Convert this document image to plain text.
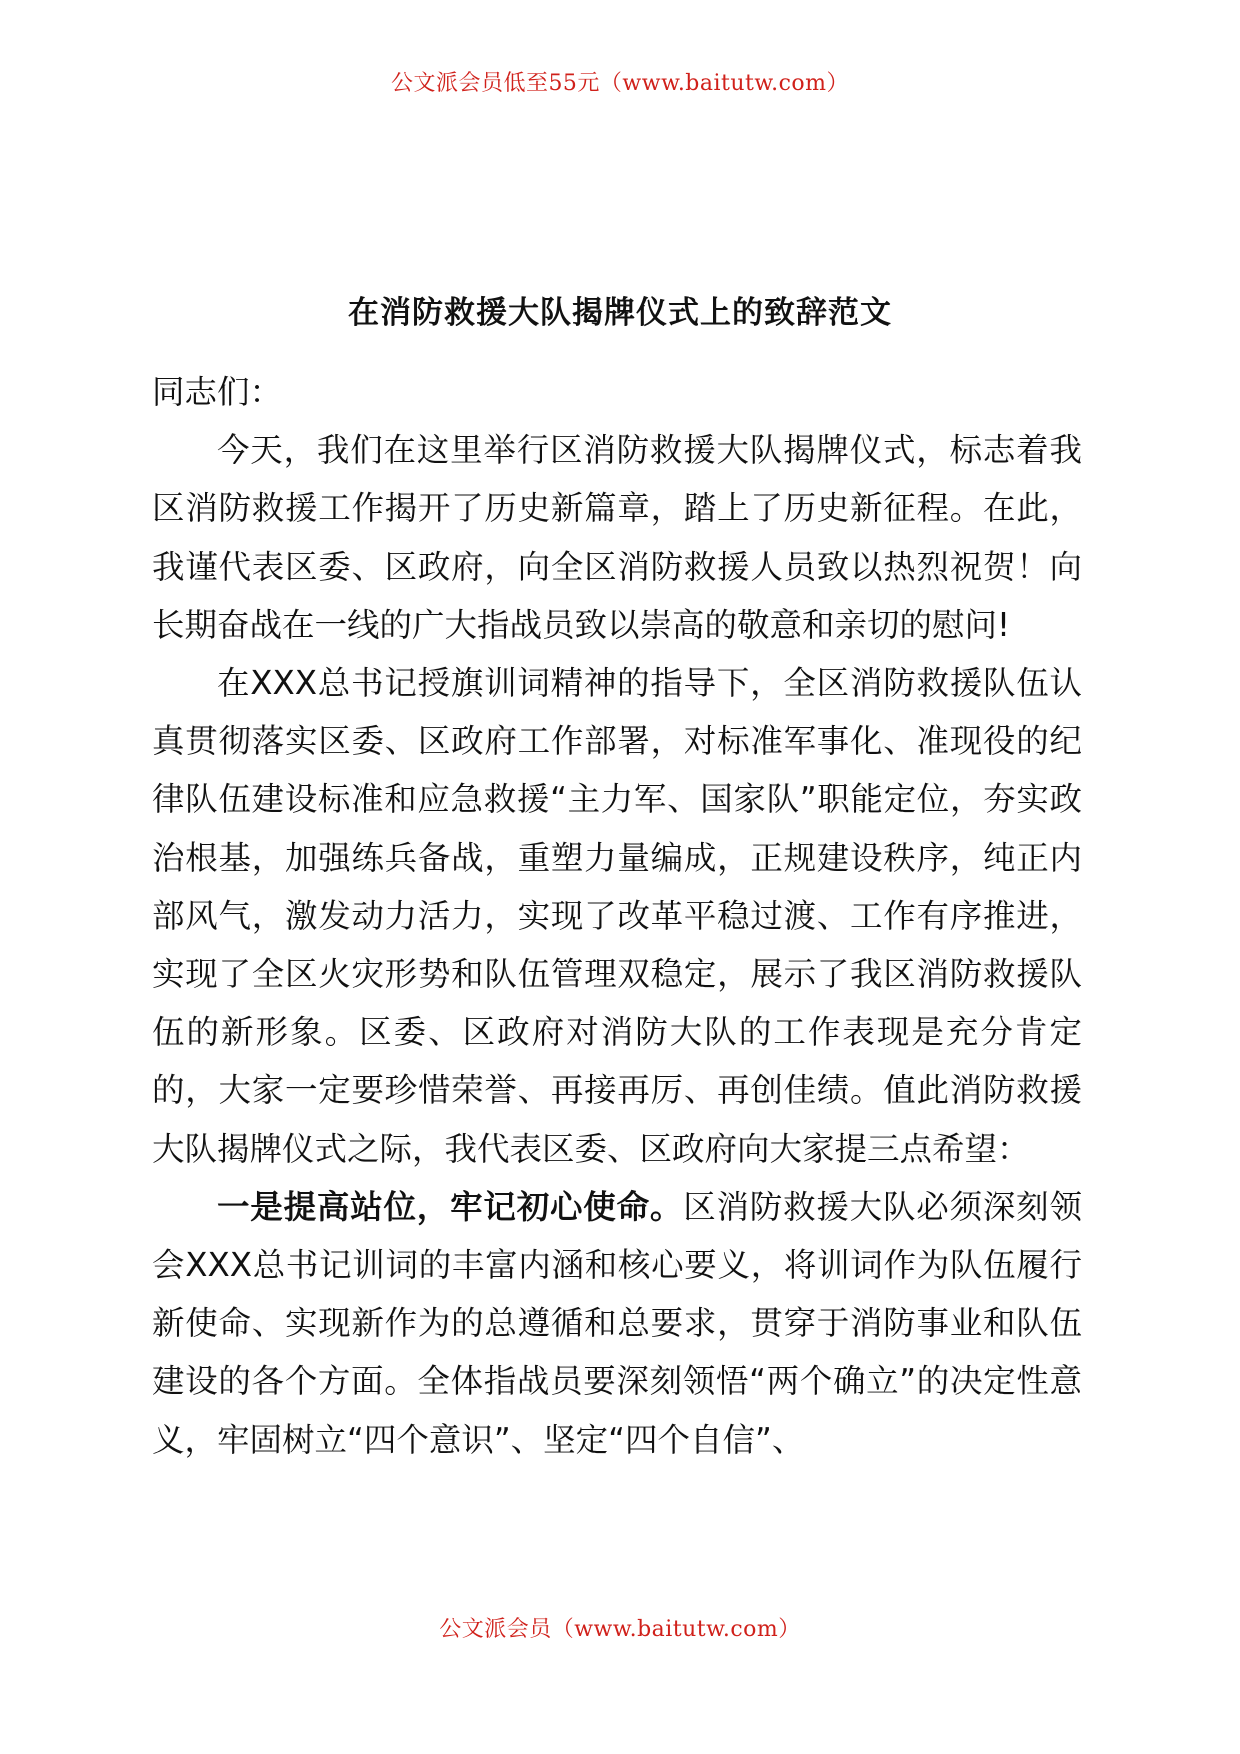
公文派会员低至55元（www.baitutw.com）
在消防救援大队揭牌仪式上的致辞范文

同志们：

今天，我们在这里举行区消防救援大队揭牌仪式，标志着我区消防救援工作揭开了历史新篇章，踏上了历史新征程。在此，我谨代表区委、区政府，向全区消防救援人员致以热烈祝贺！向长期奋战在一线的广大指战员致以崇高的敬意和亲切的慰问!

在XXX总书记授旗训词精神的指导下，全区消防救援队伍认真贯彻落实区委、区政府工作部署，对标准军事化、准现役的纪律队伍建设标准和应急救援“主力军、国家队”职能定位，夯实政治根基，加强练兵备战，重塑力量编成，正规建设秩序，纯正内部风气，激发动力活力，实现了改革平稳过渡、工作有序推进，实现了全区火灾形势和队伍管理双稳定，展示了我区消防救援队伍的新形象。区委、区政府对消防大队的工作表现是充分肯定的，大家一定要珍惜荣誉、再接再厉、再创佳绩。值此消防救援大队揭牌仪式之际，我代表区委、区政府向大家提三点希望：

一是提高站位，牢记初心使命。区消防救援大队必须深刻领会XXX总书记训词的丰富内涵和核心要义，将训词作为队伍履行新使命、实现新作为的总遵循和总要求，贯穿于消防事业和队伍建设的各个方面。全体指战员要深刻领悟“两个确立”的决定性意义，牢固树立“四个意识”、坚定“四个自信”、

公文派会员（www.baitutw.com）
